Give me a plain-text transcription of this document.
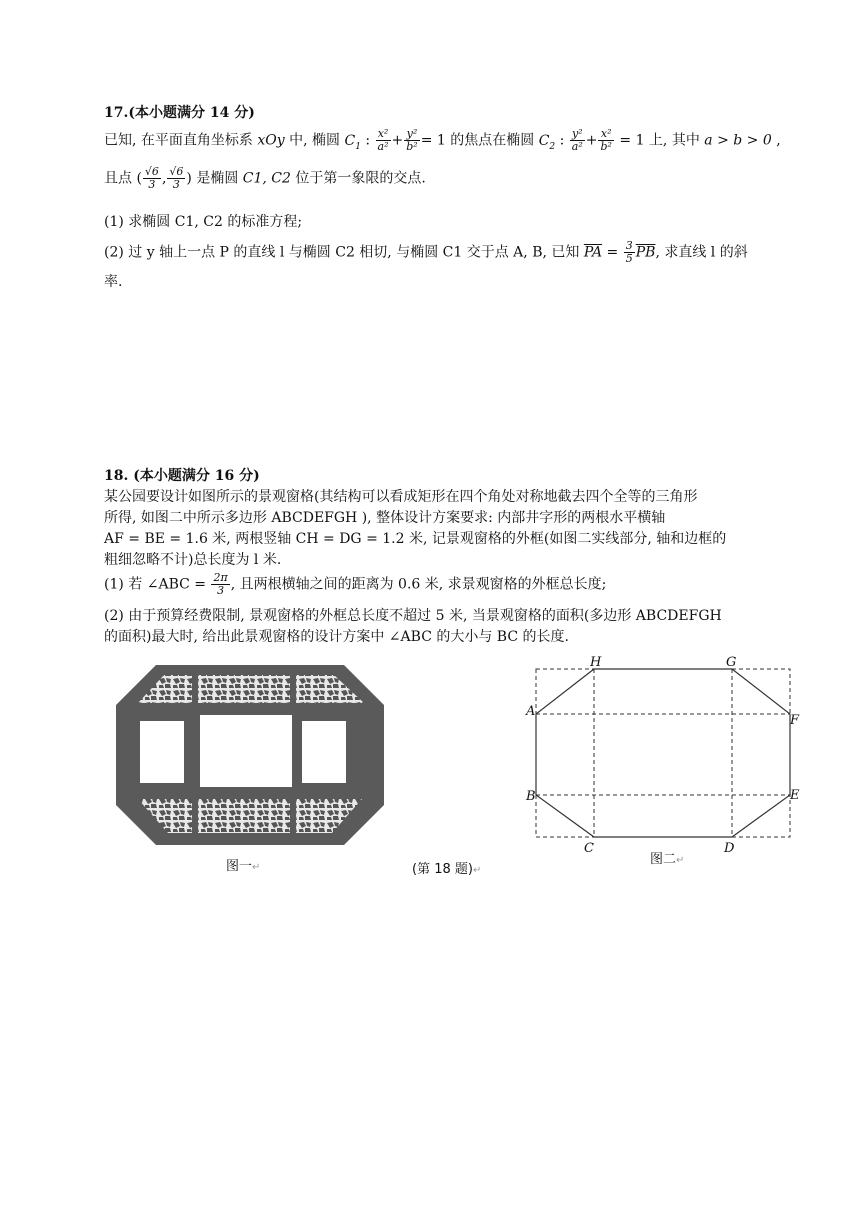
17.(本小题满分 14 分)
已知, 在平面直角坐标系 xOy 中, 椭圆 $C_1$ : $\frac{\text{x²}}{\text{a²}} + \frac{\text{y²}}{\text{b²}} = 1$ 的焦点在椭圆 $C_2$ : $\frac{\text{y²}}{\text{a²}} + \frac{\text{x²}}{\text{b²}} = 1$ 上, 其中 a > b > 0 ,
且点 ( $\frac{√6}{3}$ , $\frac{√6}{3}$ ) 是椭圆 C1, C2 位于第一象限的交点.
(1) 求椭圆 C1, C2 的标准方程;
(2) 过 y 轴上一点 P 的直线 l 与椭圆 C2 相切, 与椭圆 C1 交于点 A, B, 已知 $\overline{PA} = \frac{3}{5} \overline{PB}$, 求直线 l 的斜
率.
18. (本小题满分 16 分)
某公园要设计如图所示的景观窗格(其结构可以看成矩形在四个角处对称地截去四个全等的三角形
所得, 如图二中所示多边形 ABCDEFGH ), 整体设计方案要求: 内部井字形的两根水平横轴
AF = BE = 1.6 米, 两根竖轴 CH = DG = 1.2 米, 记景观窗格的外框(如图二实线部分, 轴和边框的
粗细忽略不计)总长度为 l 米.
(1) 若 ∠ABC = $\frac{2\pi}{3}$ , 且两根横轴之间的距离为 0.6 米, 求景观窗格的外框总长度;
(2) 由于预算经费限制, 景观窗格的外框总长度不超过 5 米, 当景观窗格的面积(多边形 ABCDEFGH
的面积)最大时, 给出此景观窗格的设计方案中 ∠ABC 的大小与 BC 的长度.
A
B
C	D
E
F
G
H
图一↵	(第 18 题)↵
图二↵
